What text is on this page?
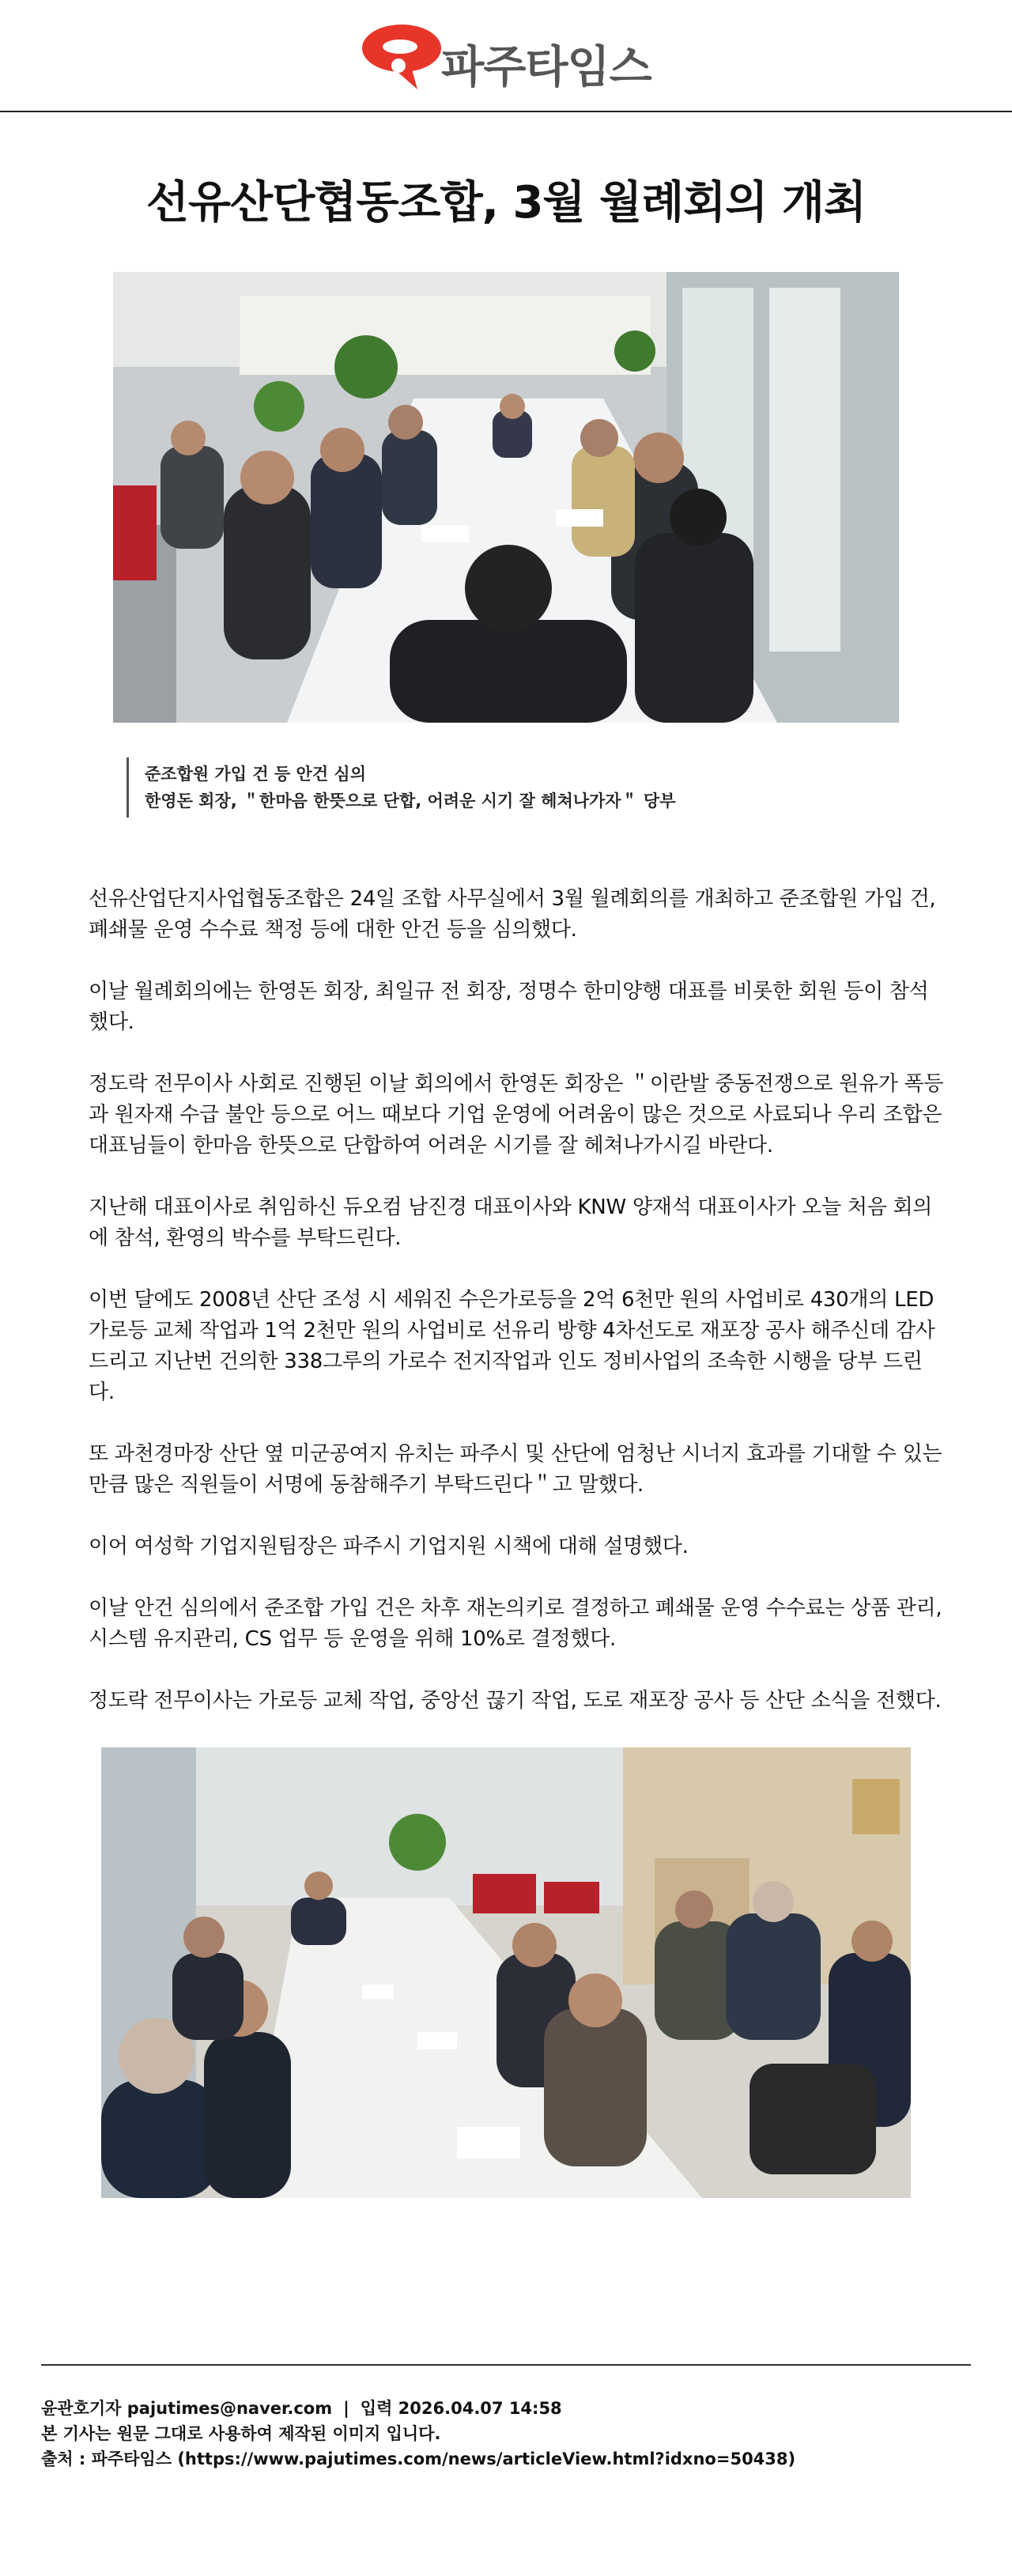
파주타임스
선유산단협동조합, 3월 월례회의 개최
준조합원 가입 건 등 안건 심의
한영돈 회장, ＂한마음 한뜻으로 단합, 어려운 시기 잘 헤쳐나가자＂ 당부

선유산업단지사업협동조합은 24일 조합 사무실에서 3월 월례회의를 개최하고 준조합원 가입 건, 폐쇄물 운영 수수료 책정 등에 대한 안건 등을 심의했다.

이날 월례회의에는 한영돈 회장, 최일규 전 회장, 정명수 한미양행 대표를 비롯한 회원 등이 참석했다.

정도락 전무이사 사회로 진행된 이날 회의에서 한영돈 회장은 ＂이란발 중동전쟁으로 원유가 폭등과 원자재 수급 불안 등으로 어느 때보다 기업 운영에 어려움이 많은 것으로 사료되나 우리 조합은 대표님들이 한마음 한뜻으로 단합하여 어려운 시기를 잘 헤쳐나가시길 바란다.

지난해 대표이사로 취임하신 듀오컴 남진경 대표이사와 KNW 양재석 대표이사가 오늘 처음 회의에 참석, 환영의 박수를 부탁드린다.

이번 달에도 2008년 산단 조성 시 세워진 수은가로등을 2억 6천만 원의 사업비로 430개의 LED 가로등 교체 작업과 1억 2천만 원의 사업비로 선유리 방향 4차선도로 재포장 공사 해주신데 감사드리고 지난번 건의한 338그루의 가로수 전지작업과 인도 정비사업의 조속한 시행을 당부 드린다.

또 과천경마장 산단 옆 미군공여지 유치는 파주시 및 산단에 엄청난 시너지 효과를 기대할 수 있는 만큼 많은 직원들이 서명에 동참해주기 부탁드린다＂고 말했다.

이어 여성학 기업지원팀장은 파주시 기업지원 시책에 대해 설명했다.

이날 안건 심의에서 준조합 가입 건은 차후 재논의키로 결정하고 폐쇄물 운영 수수료는 상품 관리, 시스템 유지관리, CS 업무 등 운영을 위해 10%로 결정했다.

정도락 전무이사는 가로등 교체 작업, 중앙선 끊기 작업, 도로 재포장 공사 등 산단 소식을 전했다.

윤관호기자 pajutimes@naver.com | 입력 2026.04.07 14:58
본 기사는 원문 그대로 사용하여 제작된 이미지 입니다.
출처 : 파주타임스 (https://www.pajutimes.com/news/articleView.html?idxno=50438)
